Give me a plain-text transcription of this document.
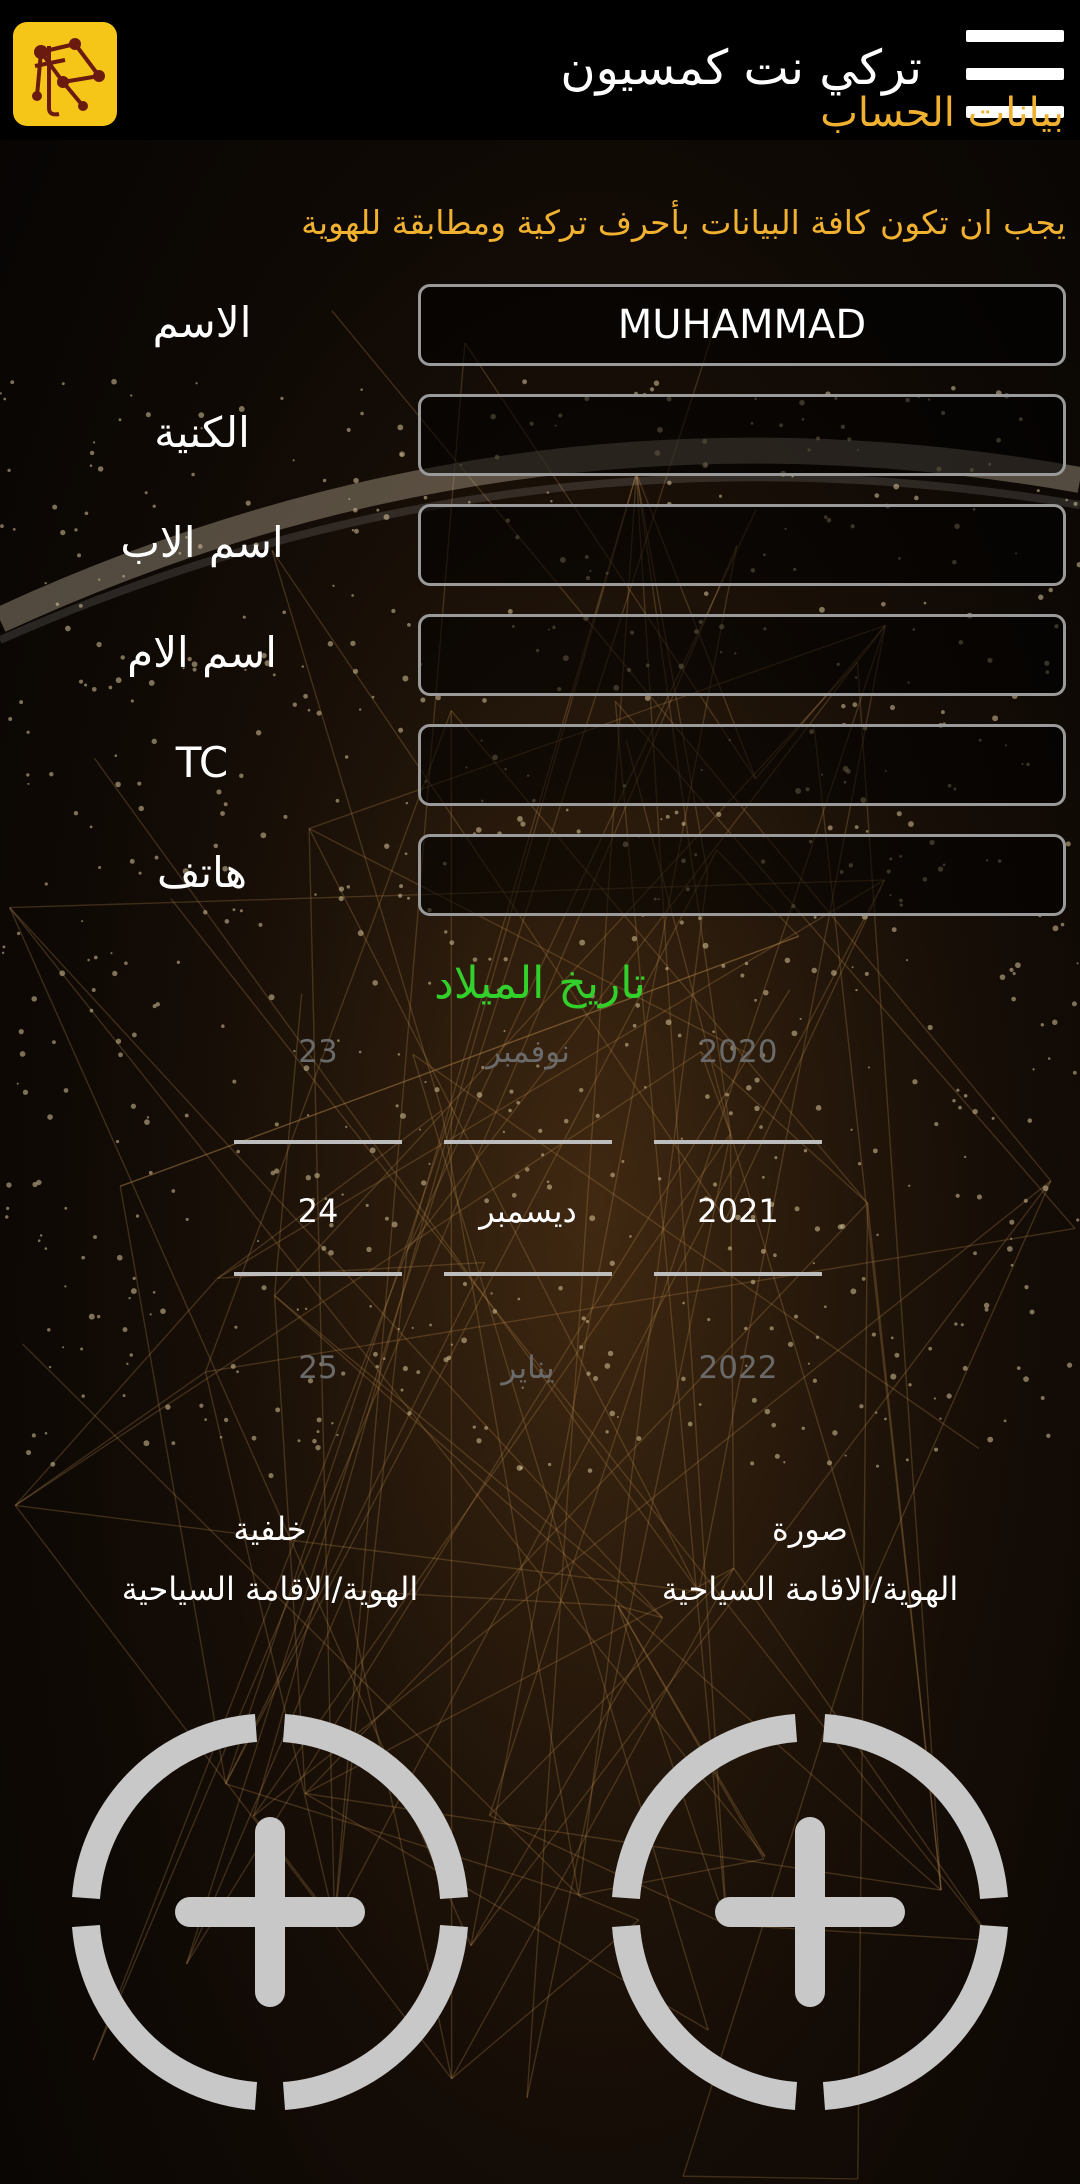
تركي نت كمسيون
بيانات الحساب
يجب ان تكون كافة البيانات بأحرف تركية ومطابقة للهوية
الاسم
MUHAMMAD
الكنية
اسم الاب
اسم الام
TC
هاتف
تاريخ الميلاد
23
24
25
نوفمبر
ديسمبر
يناير
2020
2021
2022
صورة
الهوية/الاقامة السياحية
خلفية
الهوية/الاقامة السياحية
